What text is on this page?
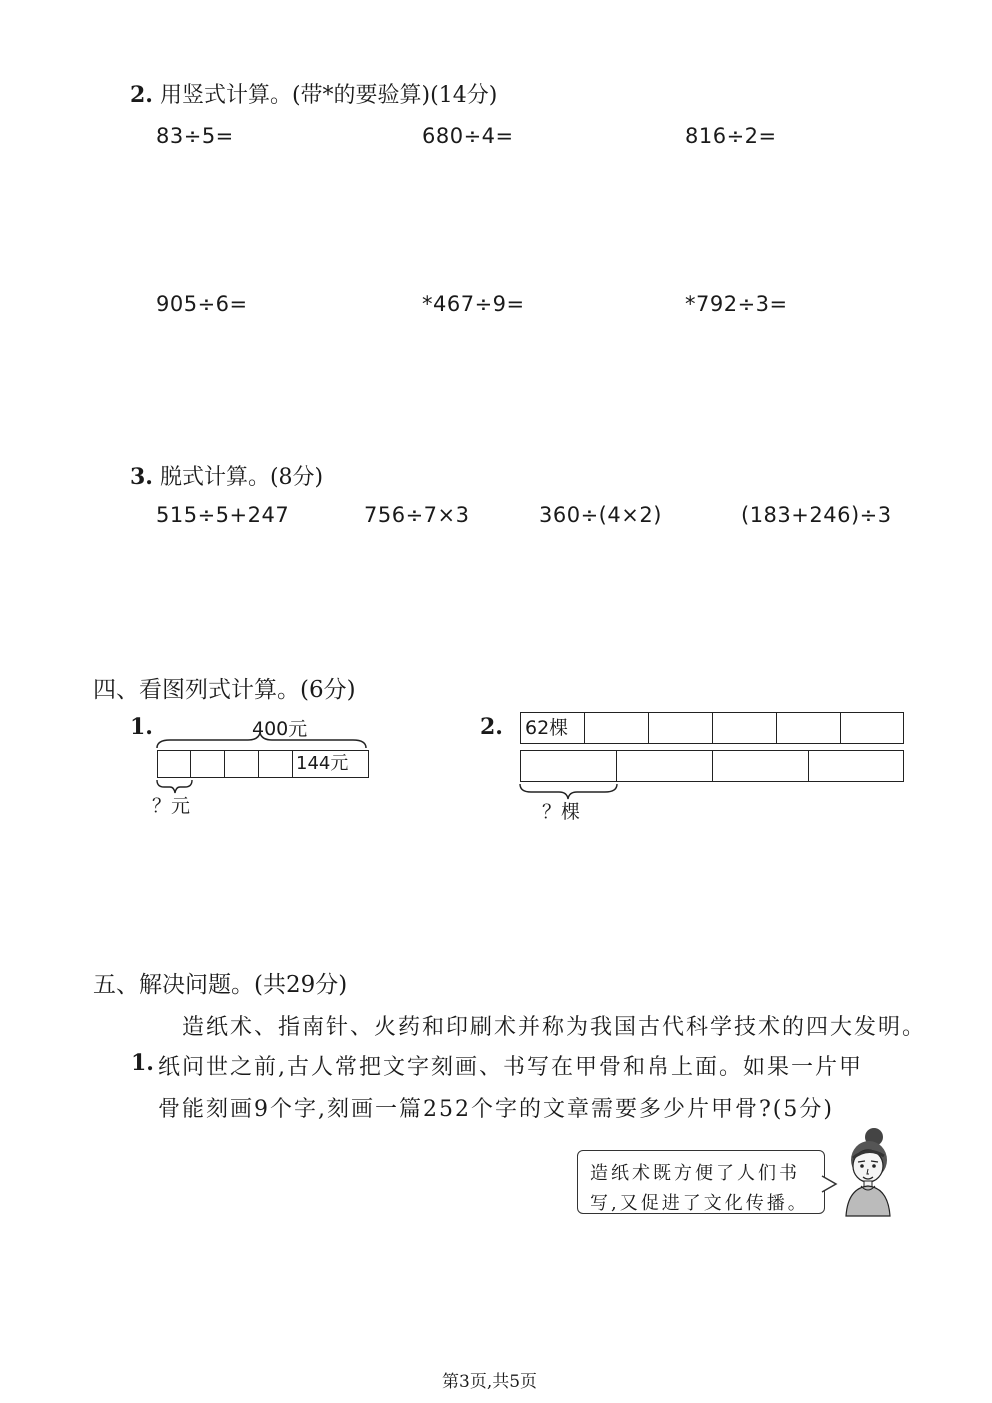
2. 用竖式计算。(带*的要验算)(14分)
83÷5=	680÷4=	816÷2=
905÷6=	*467÷9=	*792÷3=
3. 脱式计算。(8分)
515÷5+247	756÷7×3	360÷(4×2)	(183+246)÷3
四、看图列式计算。(6分)
1.	400元
144元
？元
2. 62棵
？棵
五、解决问题。(共29分)
造纸术、指南针、火药和印刷术并称为我国古代科学技术的四大发明。
1. 纸问世之前,古人常把文字刻画、书写在甲骨和帛上面。如果一片甲
骨能刻画9个字,刻画一篇252个字的文章需要多少片甲骨?(5分)
造纸术既方便了人们书
写,又促进了文化传播。
第3页,共5页
